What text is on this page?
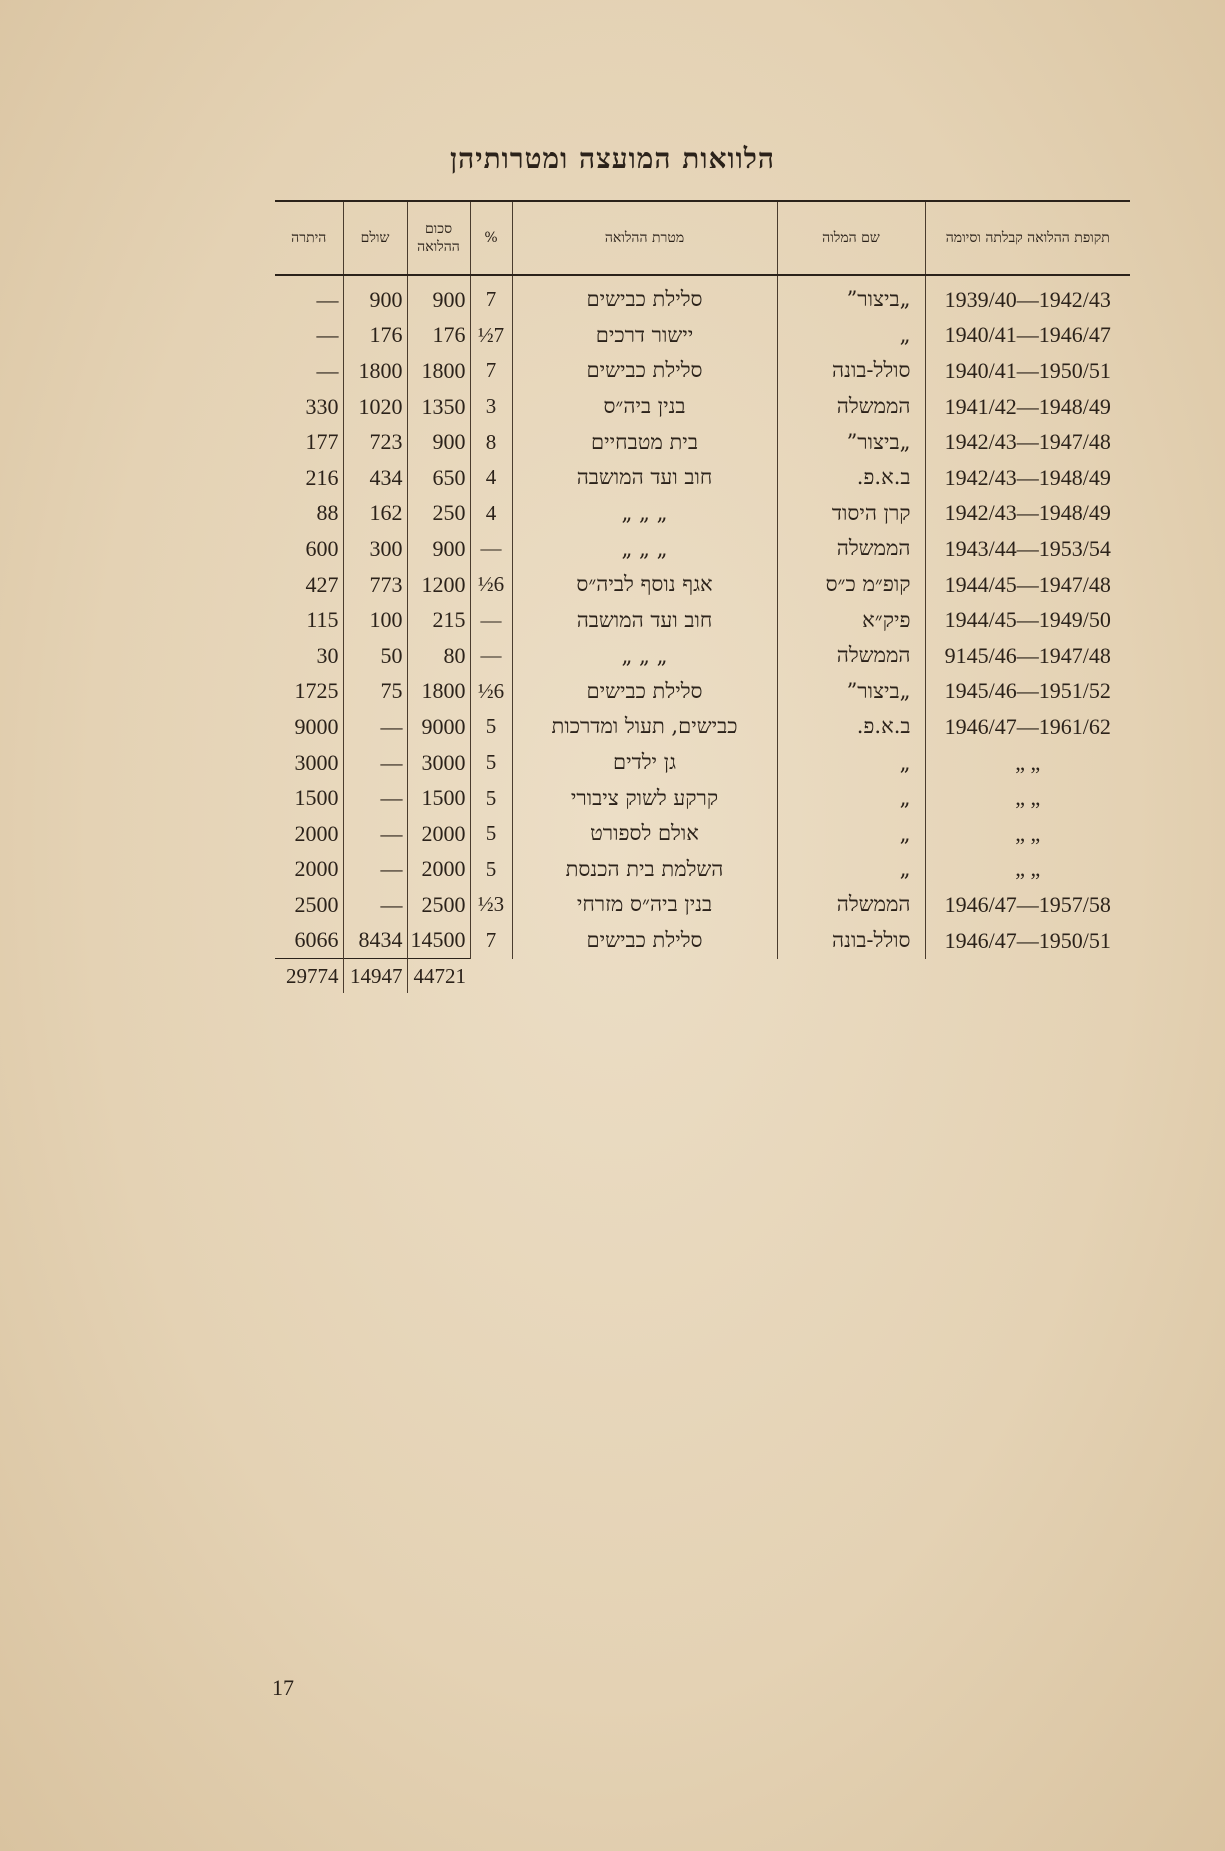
הלוואות המועצה ומטרותיהן
תקופת ההלואה קבלתה וסיומה	שם המלוה	מטרת ההלואה	%	סכום ההלואה	שולם	היתרה
1939/40—1942/43	„ביצור”	סלילת כבישים	7	900	900	—
1940/41—1946/47	„	יישור דרכים	7½	176	176	—
1940/41—1950/51	סולל-בונה	סלילת כבישים	7	1800	1800	—
1941/42—1948/49	הממשלה	בנין ביה״ס	3	1350	1020	330
1942/43—1947/48	„ביצור”	בית מטבחיים	8	900	723	177
1942/43—1948/49	ב.א.פ.	חוב ועד המושבה	4	650	434	216
1942/43—1948/49	קרן היסוד	„ „ „	4	250	162	88
1943/44—1953/54	הממשלה	„ „ „	—	900	300	600
1944/45—1947/48	קופ״מ כ״ס	אגף נוסף לביה״ס	6½	1200	773	427
1944/45—1949/50	פיק״א	חוב ועד המושבה	—	215	100	115
9145/46—1947/48	הממשלה	„ „ „	—	80	50	30
1945/46—1951/52	„ביצור”	סלילת כבישים	6½	1800	75	1725
1946/47—1961/62	ב.א.פ.	כבישים, תעול ומדרכות	5	9000	—	9000
„ „	„	גן ילדים	5	3000	—	3000
„ „	„	קרקע לשוק ציבורי	5	1500	—	1500
„ „	„	אולם לספורט	5	2000	—	2000
„ „	„	השלמת בית הכנסת	5	2000	—	2000
1946/47—1957/58	הממשלה	בנין ביה״ס מזרחי	3½	2500	—	2500
1946/47—1950/51	סולל-בונה	סלילת כבישים	7	14500	8434	6066
				44721	14947	29774
17
